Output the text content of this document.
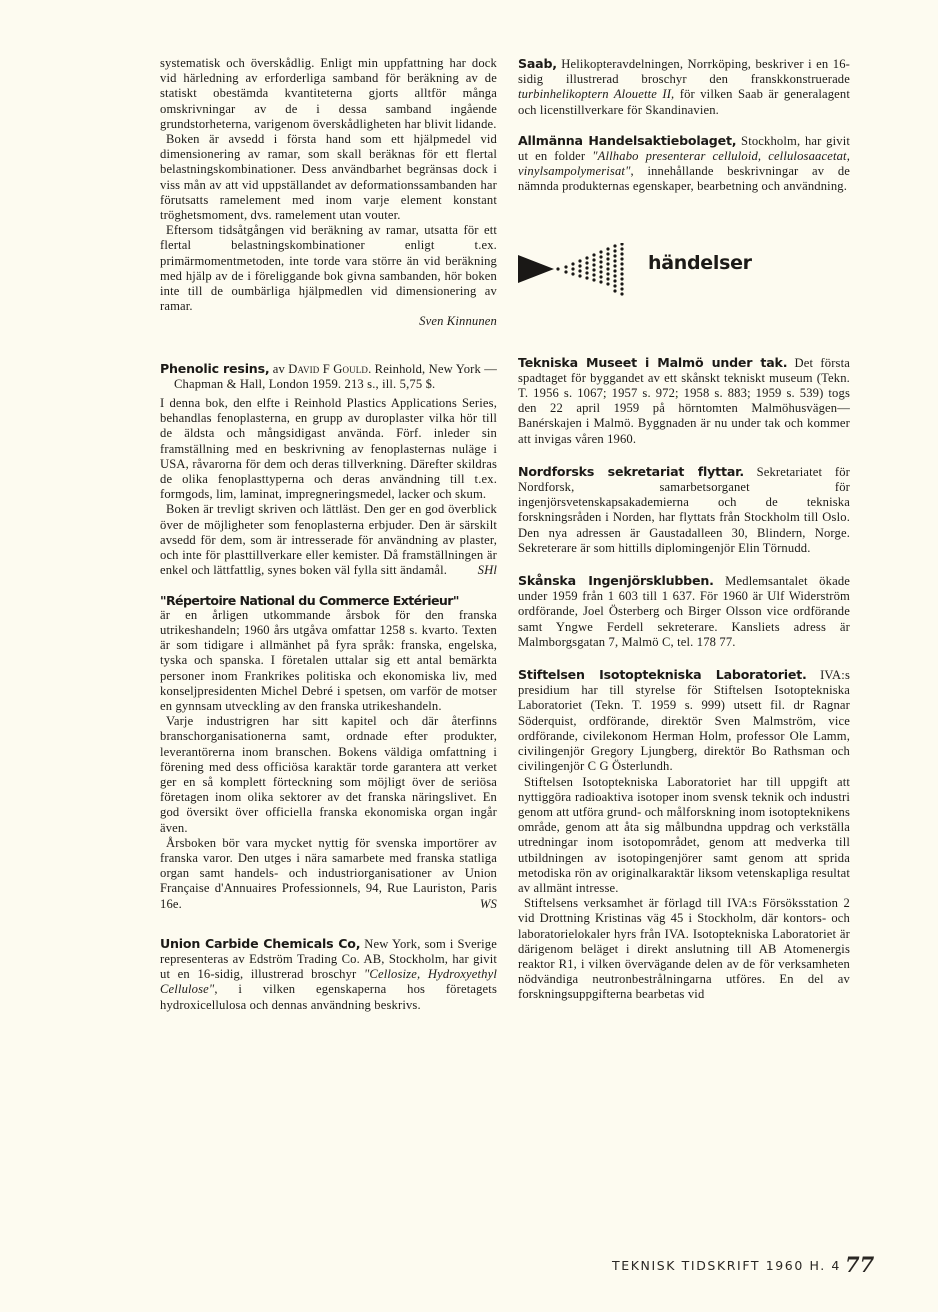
systematisk och överskådlig. Enligt min uppfattning har dock vid härledning av erforderliga samband för beräkning av de statiskt obestämda kvantiteterna gjorts alltför många omskrivningar av de i dessa samband ingående grundstorheterna, varigenom överskådligheten har blivit lidande.

Boken är avsedd i första hand som ett hjälpmedel vid dimensionering av ramar, som skall beräknas för ett flertal belastningskombinationer. Dess användbarhet begränsas dock i viss mån av att vid uppställandet av deformationssambanden har förutsatts ramelement med inom varje element konstant tröghetsmoment, dvs. ramelement utan vouter.

Eftersom tidsåtgången vid beräkning av ramar, utsatta för ett flertal belastningskombinationer enligt t.ex. primärmomentmetoden, inte torde vara större än vid beräkning med hjälp av de i föreliggande bok givna sambanden, hör boken inte till de oumbärliga hjälpmedlen vid dimensionering av ramar.

Sven Kinnunen

Phenolic resins, av David F Gould. Reinhold, New York — Chapman & Hall, London 1959. 213 s., ill. 5,75 $.

I denna bok, den elfte i Reinhold Plastics Applications Series, behandlas fenoplasterna, en grupp av duroplaster vilka hör till de äldsta och mångsidigast använda. Förf. inleder sin framställning med en beskrivning av fenoplasternas nuläge i USA, råvarorna för dem och deras tillverkning. Därefter skildras de olika fenoplasttyperna och deras användning till t.ex. formgods, lim, laminat, impregneringsmedel, lacker och skum.

Boken är trevligt skriven och lättläst. Den ger en god överblick över de möjligheter som fenoplasterna erbjuder. Den är särskilt avsedd för dem, som är intresserade för användning av plaster, och inte för plasttillverkare eller kemister. Då framställningen är enkel och lättfattlig, synes boken väl fylla sitt ändamål.	SHl

"Répertoire National du Commerce Extérieur"

är en årligen utkommande årsbok för den franska utrikeshandeln; 1960 års utgåva omfattar 1258 s. kvarto. Texten är som tidigare i allmänhet på fyra språk: franska, engelska, tyska och spanska. I företalen uttalar sig ett antal bemärkta personer inom Frankrikes politiska och ekonomiska liv, med konseljpresidenten Michel Debré i spetsen, om varför de motser en gynnsam utveckling av den franska utrikeshandeln.

Varje industrigren har sitt kapitel och där återfinns branschorganisationerna samt, ordnade efter produkter, leverantörerna inom branschen. Bokens väldiga omfattning i förening med dess officiösa karaktär torde garantera att verket ger en så komplett förteckning som möjligt över de seriösa företagen inom olika sektorer av det franska näringslivet. En god översikt över officiella franska ekonomiska organ ingår även.

Årsboken bör vara mycket nyttig för svenska importörer av franska varor. Den utges i nära samarbete med franska statliga organ samt handels- och industriorganisationer av Union Française d'Annuaires Professionnels, 94, Rue Lauriston, Paris 16e.	WS

Union Carbide Chemicals Co, New York, som i Sverige representeras av Edström Trading Co. AB, Stockholm, har givit ut en 16-sidig, illustrerad broschyr "Cellosize, Hydroxyethyl Cellulose", i vilken egenskaperna hos företagets hydroxicellulosa och dennas användning beskrivs.

Saab, Helikopteravdelningen, Norrköping, beskriver i en 16-sidig illustrerad broschyr den franskkonstruerade turbinhelikoptern Alouette II, för vilken Saab är generalagent och licenstillverkare för Skandinavien.

Allmänna Handelsaktiebolaget, Stockholm, har givit ut en folder "Allhabo presenterar celluloid, cellulosaacetat, vinylsampolymerisat", innehållande beskrivningar av de nämnda produkternas egenskaper, bearbetning och användning.

händelser

Tekniska Museet i Malmö under tak. Det första spadtaget för byggandet av ett skånskt tekniskt museum (Tekn. T. 1956 s. 1067; 1957 s. 972; 1958 s. 883; 1959 s. 539) togs den 22 april 1959 på hörntomten Malmöhusvägen—Banérskajen i Malmö. Byggnaden är nu under tak och kommer att invigas våren 1960.

Nordforsks sekretariat flyttar. Sekretariatet för Nordforsk, samarbetsorganet för ingenjörsvetenskapsakademierna och de tekniska forskningsråden i Norden, har flyttats från Stockholm till Oslo. Den nya adressen är Gaustadalleen 30, Blindern, Norge. Sekreterare är som hittills diplomingenjör Elin Törnudd.

Skånska Ingenjörsklubben. Medlemsantalet ökade under 1959 från 1 603 till 1 637. För 1960 är Ulf Widerström ordförande, Joel Österberg och Birger Olsson vice ordförande samt Yngwe Ferdell sekreterare. Kansliets adress är Malmborgsgatan 7, Malmö C, tel. 178 77.

Stiftelsen Isotoptekniska Laboratoriet. IVA:s presidium har till styrelse för Stiftelsen Isotoptekniska Laboratoriet (Tekn. T. 1959 s. 999) utsett fil. dr Ragnar Söderquist, ordförande, direktör Sven Malmström, vice ordförande, civilekonom Herman Holm, professor Ole Lamm, civilingenjör Gregory Ljungberg, direktör Bo Rathsman och civilingenjör C G Österlundh.

Stiftelsen Isotoptekniska Laboratoriet har till uppgift att nyttiggöra radioaktiva isotoper inom svensk teknik och industri genom att utföra grund- och målforskning inom isotopteknikens område, genom att åta sig målbundna uppdrag och verkställa utredningar inom isotopområdet, genom att medverka till utbildningen av isotopingenjörer samt genom att sprida metodiska rön av originalkaraktär liksom vetenskapliga resultat av allmänt intresse.

Stiftelsens verksamhet är förlagd till IVA:s Försöksstation 2 vid Drottning Kristinas väg 45 i Stockholm, där kontors- och laboratorielokaler hyrs från IVA. Isotoptekniska Laboratoriet är därigenom beläget i direkt anslutning till AB Atomenergis reaktor R1, i vilken övervägande delen av de för verksamheten nödvändiga neutronbestrålningarna utföres. En del av forskningsuppgifterna bearbetas vid

TEKNISK TIDSKRIFT 1960 H. 4 77
